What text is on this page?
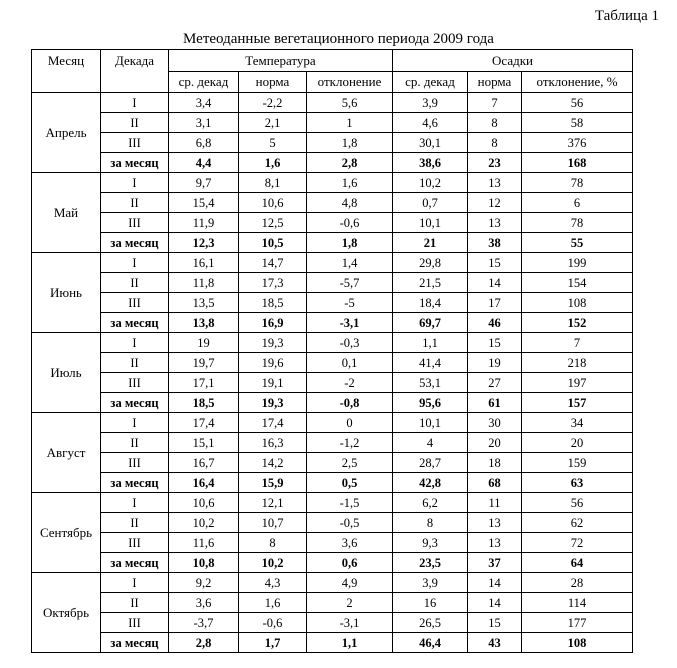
Таблица 1
Метеоданные вегетационного периода 2009 года
Месяц	Декада	Температура			Осадки		
		ср. декад	норма	отклонение	ср. декад	норма	отклонение, %
Апрель	I	3,4	-2,2	5,6	3,9	7	56
	II	3,1	2,1	1	4,6	8	58
	III	6,8	5	1,8	30,1	8	376
	за месяц	4,4	1,6	2,8	38,6	23	168
Май	I	9,7	8,1	1,6	10,2	13	78
	II	15,4	10,6	4,8	0,7	12	6
	III	11,9	12,5	-0,6	10,1	13	78
	за месяц	12,3	10,5	1,8	21	38	55
Июнь	I	16,1	14,7	1,4	29,8	15	199
	II	11,8	17,3	-5,7	21,5	14	154
	III	13,5	18,5	-5	18,4	17	108
	за месяц	13,8	16,9	-3,1	69,7	46	152
Июль	I	19	19,3	-0,3	1,1	15	7
	II	19,7	19,6	0,1	41,4	19	218
	III	17,1	19,1	-2	53,1	27	197
	за месяц	18,5	19,3	-0,8	95,6	61	157
Август	I	17,4	17,4	0	10,1	30	34
	II	15,1	16,3	-1,2	4	20	20
	III	16,7	14,2	2,5	28,7	18	159
	за месяц	16,4	15,9	0,5	42,8	68	63
Сентябрь	I	10,6	12,1	-1,5	6,2	11	56
	II	10,2	10,7	-0,5	8	13	62
	III	11,6	8	3,6	9,3	13	72
	за месяц	10,8	10,2	0,6	23,5	37	64
Октябрь	I	9,2	4,3	4,9	3,9	14	28
	II	3,6	1,6	2	16	14	114
	III	-3,7	-0,6	-3,1	26,5	15	177
	за месяц	2,8	1,7	1,1	46,4	43	108
